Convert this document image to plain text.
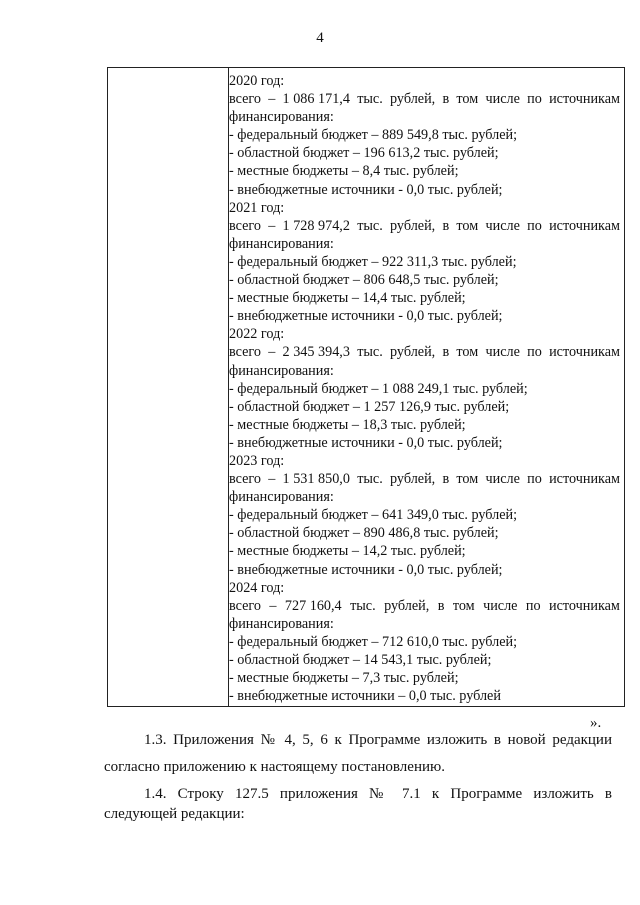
4
2020 год:
всего – 1 086 171,4 тыс. рублей, в том числе по источникам
финансирования:
- федеральный бюджет – 889 549,8 тыс. рублей;
- областной бюджет – 196 613,2 тыс. рублей;
- местные бюджеты – 8,4 тыс. рублей;
- внебюджетные источники - 0,0 тыс. рублей;
2021 год:
всего – 1 728 974,2 тыс. рублей, в том числе по источникам
финансирования:
- федеральный бюджет – 922 311,3 тыс. рублей;
- областной бюджет – 806 648,5 тыс. рублей;
- местные бюджеты – 14,4 тыс. рублей;
- внебюджетные источники - 0,0 тыс. рублей;
2022 год:
всего – 2 345 394,3 тыс. рублей, в том числе по источникам
финансирования:
- федеральный бюджет – 1 088 249,1 тыс. рублей;
- областной бюджет – 1 257 126,9 тыс. рублей;
- местные бюджеты – 18,3 тыс. рублей;
- внебюджетные источники - 0,0 тыс. рублей;
2023 год:
всего – 1 531 850,0 тыс. рублей, в том числе по источникам
финансирования:
- федеральный бюджет – 641 349,0 тыс. рублей;
- областной бюджет – 890 486,8 тыс. рублей;
- местные бюджеты – 14,2 тыс. рублей;
- внебюджетные источники - 0,0 тыс. рублей;
2024 год:
всего – 727 160,4 тыс. рублей, в том числе по источникам
финансирования:
- федеральный бюджет – 712 610,0 тыс. рублей;
- областной бюджет – 14 543,1 тыс. рублей;
- местные бюджеты – 7,3 тыс. рублей;
- внебюджетные источники – 0,0 тыс. рублей
».
1.3. Приложения № 4, 5, 6 к Программе изложить в новой редакции
согласно приложению к настоящему постановлению.
1.4. Строку 127.5 приложения № 7.1 к Программе изложить в
следующей редакции:
